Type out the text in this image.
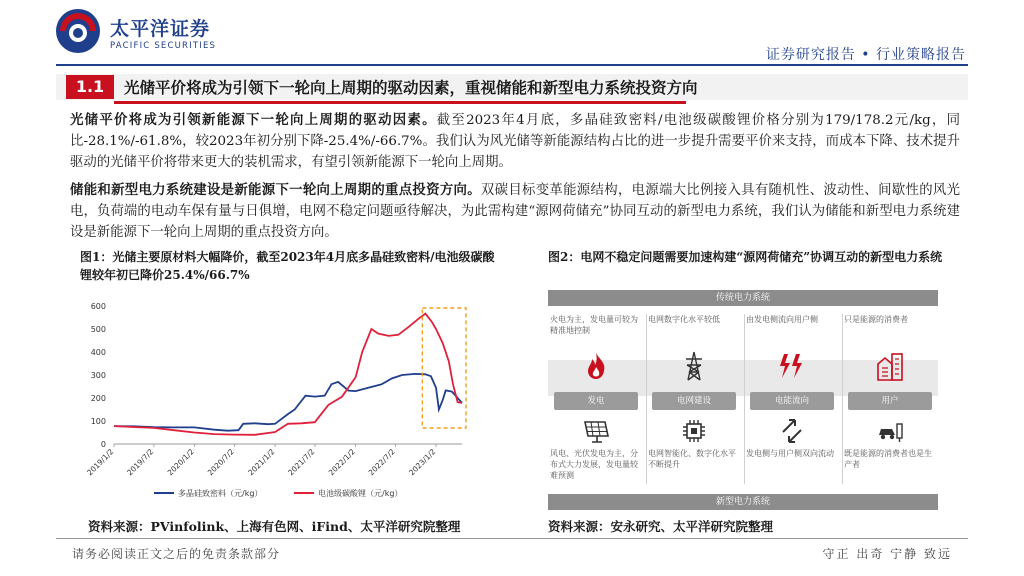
太平洋证券
PACIFIC SECURITIES
证券研究报告 • 行业策略报告
1.1	光储平价将成为引领下一轮向上周期的驱动因素，重视储能和新型电力系统投资方向
光储平价将成为引领新能源下一轮向上周期的驱动因素。截至2023年4月底，多晶硅致密料/电池级碳酸锂价格分别为179/178.2元/kg，同比-28.1%/-61.8%，较2023年初分别下降-25.4%/-66.7%。我们认为风光储等新能源结构占比的进一步提升需要平价来支持，而成本下降、技术提升驱动的光储平价将带来更大的装机需求，有望引领新能源下一轮向上周期。
储能和新型电力系统建设是新能源下一轮向上周期的重点投资方向。双碳目标变革能源结构，电源端大比例接入具有随机性、波动性、间歇性的风光电，负荷端的电动车保有量与日俱增，电网不稳定问题亟待解决，为此需构建“源网荷储充”协同互动的新型电力系统，我们认为储能和新型电力系统建设是新能源下一轮向上周期的重点投资方向。
图1：光储主要原材料大幅降价，截至2023年4月底多晶硅致密料/电池级碳酸锂较年初已降价25.4%/66.7%
0
100
200
300
400
500
600
2019/1/2 2019/7/2 2020/1/2 2020/7/2 2021/1/2 2021/7/2 2022/1/2 2022/7/2 2023/1/2
多晶硅致密料（元/kg）	电池级碳酸锂（元/kg）
资料来源：PVinfolink、上海有色网、iFind、太平洋研究院整理
图2：电网不稳定问题需要加速构建“源网荷储充”协调互动的新型电力系统
传统电力系统
火电为主，发电量可较为精准地控制
发电
风电、光伏发电为主，分布式大力发展，发电量较难预测
电网数字化水平较低
电网建设
电网智能化、数字化水平不断提升
由发电侧流向用户侧
电能流向
发电侧与用户侧双向流动
只是能源的消费者
用户
既是能源的消费者也是生产者
新型电力系统
资料来源：安永研究、太平洋研究院整理
请务必阅读正文之后的免责条款部分	守正 出奇 宁静 致远
